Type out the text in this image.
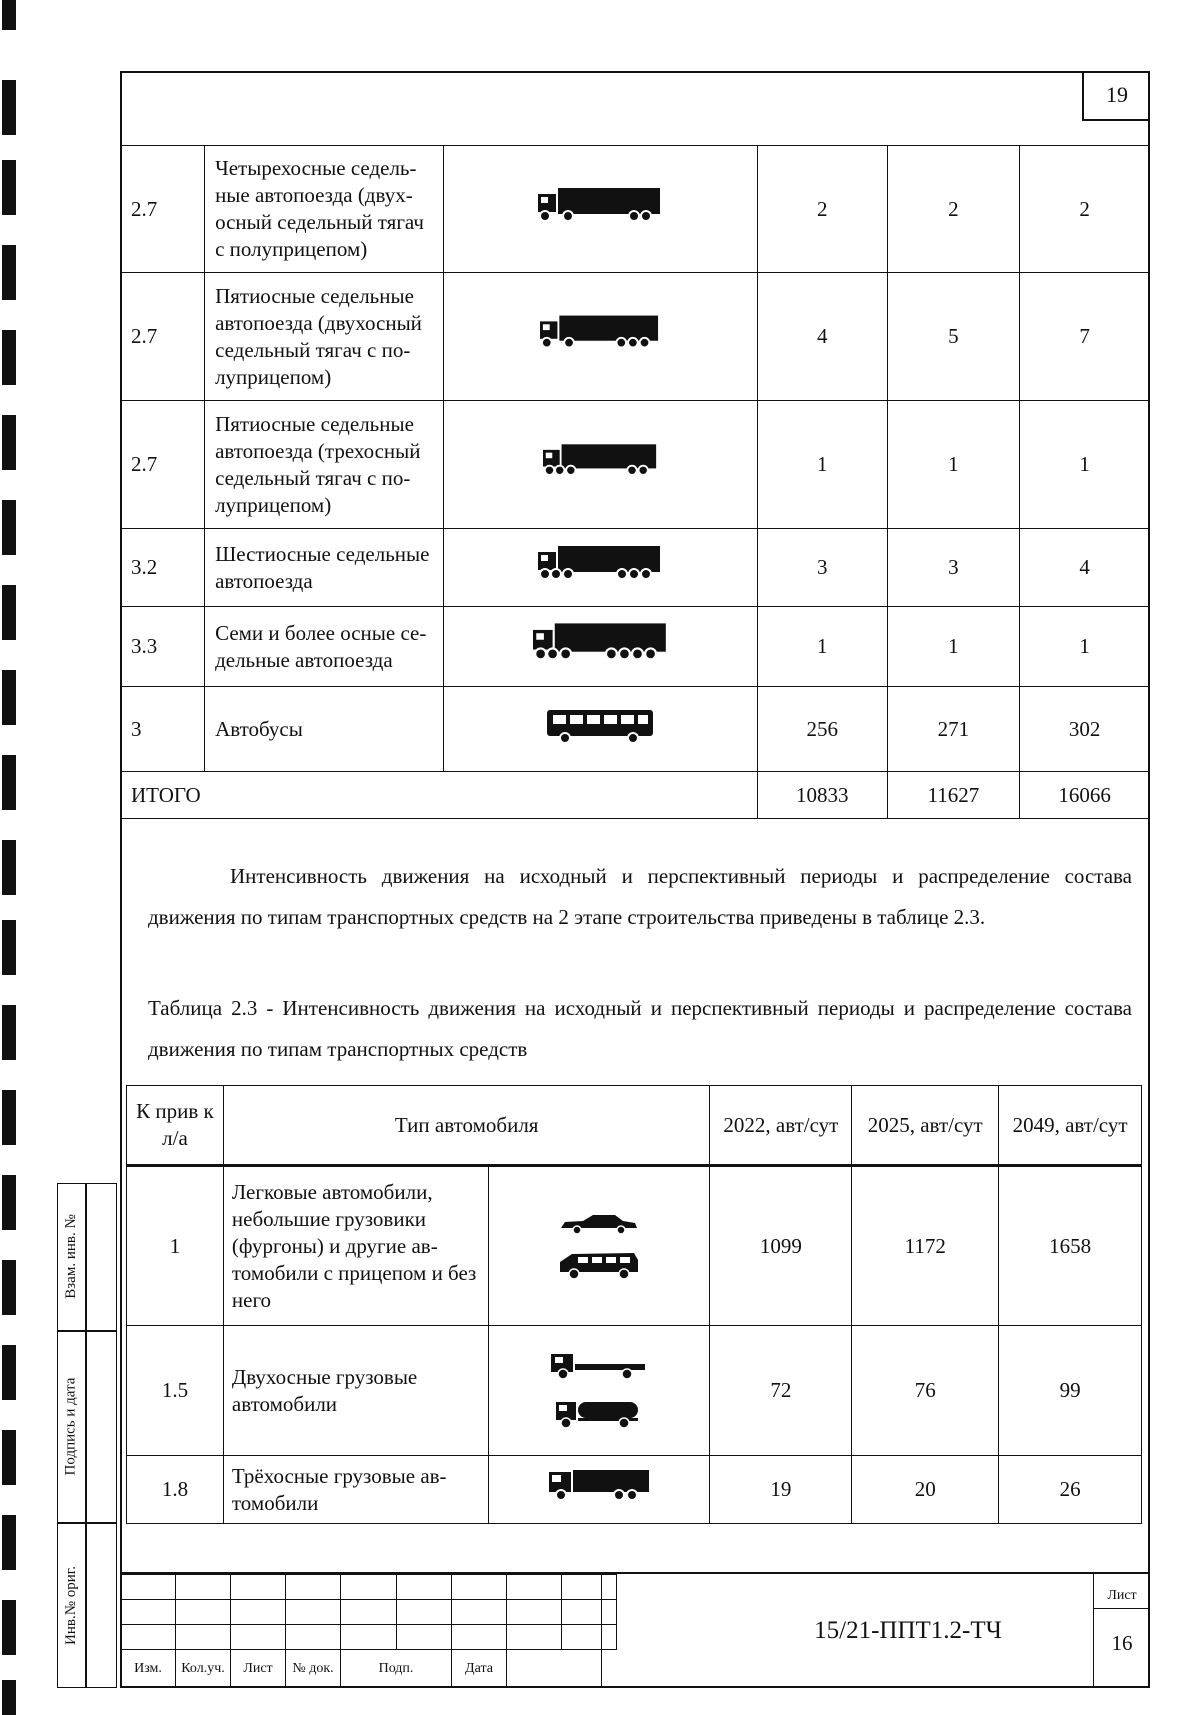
19
2.7	Четырехосные седель-ные автопоезда (двух-осный седельный тягач с полуприцепом)		2	2	2
2.7	Пятиосные седельные автопоезда (двухосный седельный тягач с по-луприцепом)		4	5	7
2.7	Пятиосные седельные автопоезда (трехосный седельный тягач с по-луприцепом)		1	1	1
3.2	Шестиосные седельные автопоезда		3	3	4
3.3	Семи и более осные се-дельные автопоезда		1	1	1
3	Автобусы		256	271	302
ИТОГО			10833	11627	16066
Интенсивность движения на исходный и перспективный периоды и распределение состава движения по типам транспортных средств на 2 этапе строительства приведены в таблице 2.3.
Таблица 2.3 - Интенсивность движения на исходный и перспективный периоды и распределение состава движения по типам транспортных средств
К прив к л/а	Тип автомобиля		2022, авт/сут	2025, авт/сут	2049, авт/сут
1	Легковые автомобили, небольшие грузовики (фургоны) и другие ав-томобили с прицепом и без него		1099	1172	1658
1.5	Двухосные грузовые автомобили		72	76	99
1.8	Трёхосные грузовые ав-томобили		19	20	26
Взам. инв. №
Подпись и дата
Инв.№ ориг.

Изм.	Кол.уч.	Лист	№ док.	Подп.		Дата		
15/21-ППТ1.2-ТЧ
Лист
16
